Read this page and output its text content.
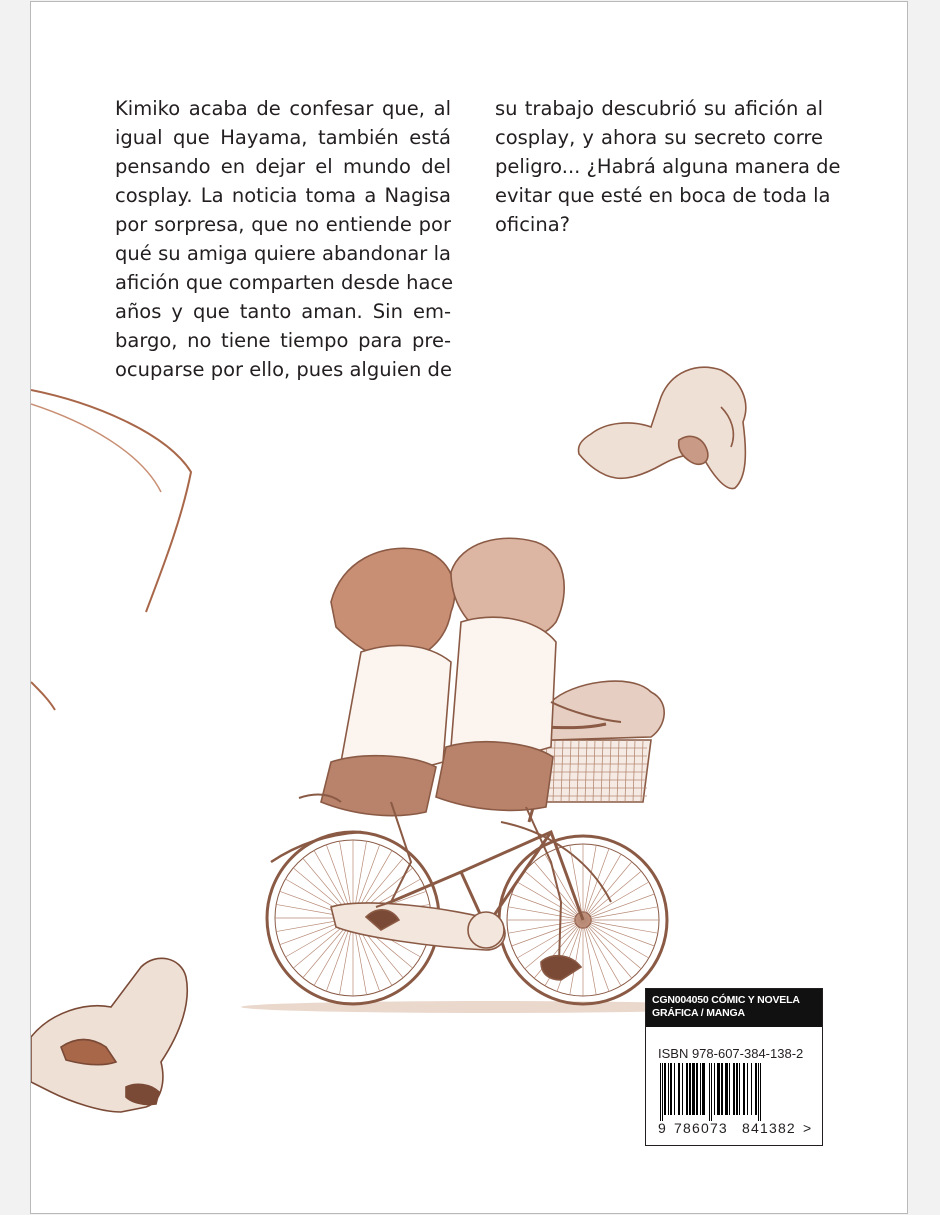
Kimiko acaba de confesar que, al
igual que Hayama, también está
pensando en dejar el mundo del
cosplay. La noticia toma a Nagisa
por sorpresa, que no entiende por
qué su amiga quiere abandonar la
afición que comparten desde hace
años y que tanto aman. Sin em-
bargo, no tiene tiempo para pre-
ocuparse por ello, pues alguien de
su trabajo descubrió su afición al
cosplay, y ahora su secreto corre
peligro... ¿Habrá alguna manera de
evitar que esté en boca de toda la
oficina?
CGN004050 CÓMIC Y NOVELA
GRÁFICA / MANGA
ISBN 978-607-384-138-2
9 786073 841382 >
